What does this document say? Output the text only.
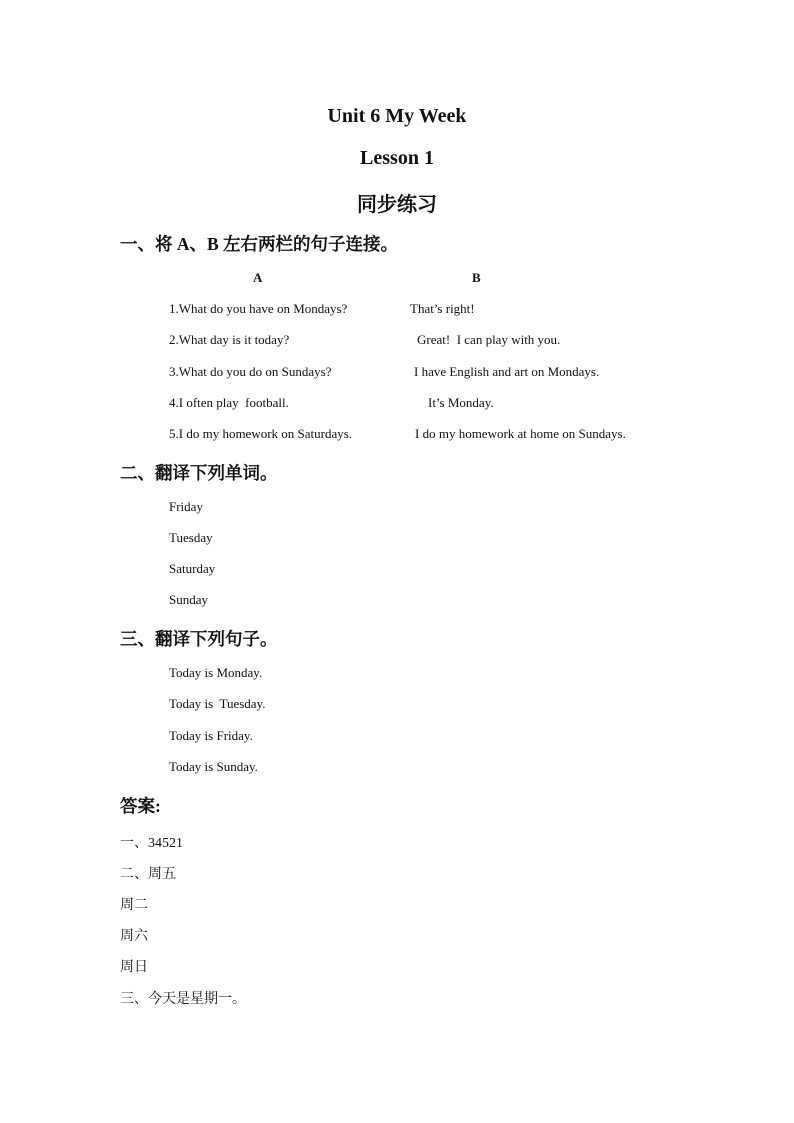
Unit 6 My Week
Lesson 1
同步练习
一、将 A、B 左右两栏的句子连接。
A	B
1.What do you have on Mondays?	That’s right!
2.What day is it today?	Great!  I can play with you.
3.What do you do on Sundays?	I have English and art on Mondays.
4.I often play  football.	It’s Monday.
5.I do my homework on Saturdays.	I do my homework at home on Sundays.
二、翻译下列单词。
Friday
Tuesday
Saturday
Sunday
三、翻译下列句子。
Today is Monday.
Today is  Tuesday.
Today is Friday.
Today is Sunday.
答案:
一、34521
二、周五
周二
周六
周日
三、今天是星期一。
